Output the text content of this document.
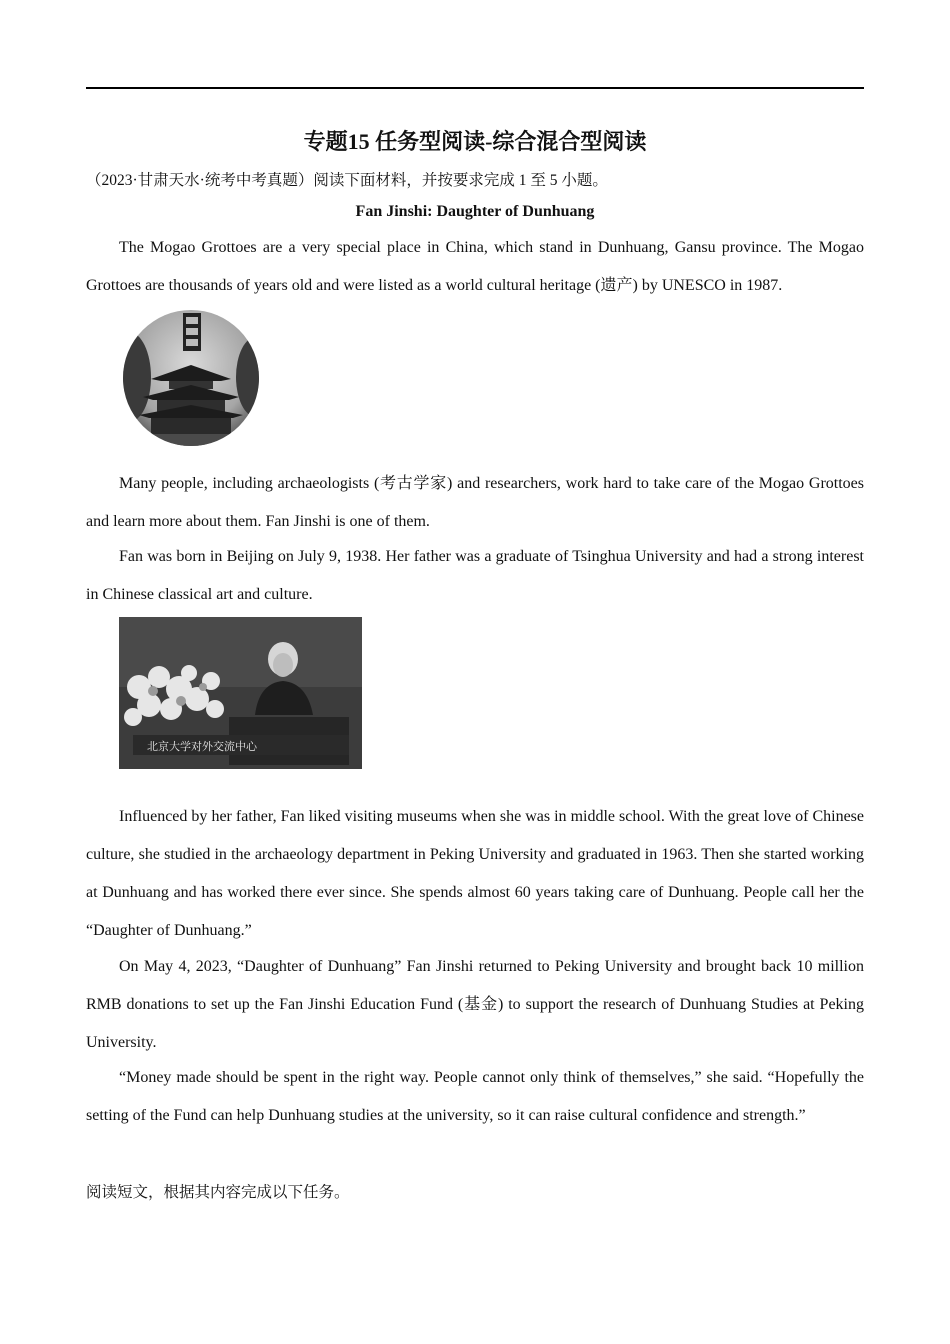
专题15 任务型阅读-综合混合型阅读
（2023·甘肃天水·统考中考真题）阅读下面材料，并按要求完成 1 至 5 小题。
Fan Jinshi: Daughter of Dunhuang
The Mogao Grottoes are a very special place in China, which stand in Dunhuang, Gansu province. The Mogao Grottoes are thousands of years old and were listed as a world cultural heritage (遗产) by UNESCO in 1987.
Many people, including archaeologists (考古学家) and researchers, work hard to take care of the Mogao Grottoes and learn more about them. Fan Jinshi is one of them.
Fan was born in Beijing on July 9, 1938. Her father was a graduate of Tsinghua University and had a strong interest in Chinese classical art and culture.
北京大学对外交流中心
Influenced by her father, Fan liked visiting museums when she was in middle school. With the great love of Chinese culture, she studied in the archaeology department in Peking University and graduated in 1963. Then she started working at Dunhuang and has worked there ever since. She spends almost 60 years taking care of Dunhuang. People call her the “Daughter of Dunhuang.”
On May 4, 2023, “Daughter of Dunhuang” Fan Jinshi returned to Peking University and brought back 10 million RMB donations to set up the Fan Jinshi Education Fund (基金) to support the research of Dunhuang Studies at Peking University.
“Money made should be spent in the right way. People cannot only think of themselves,” she said. “Hopefully the setting of the Fund can help Dunhuang studies at the university, so it can raise cultural confidence and strength.”
阅读短文，根据其内容完成以下任务。
